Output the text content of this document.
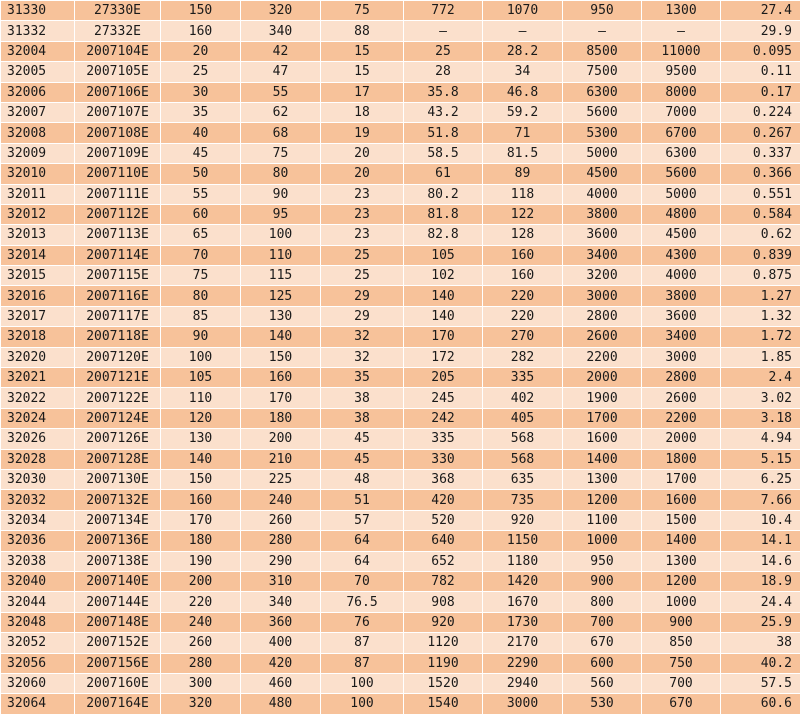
31330	27330E	150	320	75	772	1070	950	1300	27.4
31332	27332E	160	340	88	—	—	—	—	29.9
32004	2007104E	20	42	15	25	28.2	8500	11000	0.095
32005	2007105E	25	47	15	28	34	7500	9500	0.11
32006	2007106E	30	55	17	35.8	46.8	6300	8000	0.17
32007	2007107E	35	62	18	43.2	59.2	5600	7000	0.224
32008	2007108E	40	68	19	51.8	71	5300	6700	0.267
32009	2007109E	45	75	20	58.5	81.5	5000	6300	0.337
32010	2007110E	50	80	20	61	89	4500	5600	0.366
32011	2007111E	55	90	23	80.2	118	4000	5000	0.551
32012	2007112E	60	95	23	81.8	122	3800	4800	0.584
32013	2007113E	65	100	23	82.8	128	3600	4500	0.62
32014	2007114E	70	110	25	105	160	3400	4300	0.839
32015	2007115E	75	115	25	102	160	3200	4000	0.875
32016	2007116E	80	125	29	140	220	3000	3800	1.27
32017	2007117E	85	130	29	140	220	2800	3600	1.32
32018	2007118E	90	140	32	170	270	2600	3400	1.72
32020	2007120E	100	150	32	172	282	2200	3000	1.85
32021	2007121E	105	160	35	205	335	2000	2800	2.4
32022	2007122E	110	170	38	245	402	1900	2600	3.02
32024	2007124E	120	180	38	242	405	1700	2200	3.18
32026	2007126E	130	200	45	335	568	1600	2000	4.94
32028	2007128E	140	210	45	330	568	1400	1800	5.15
32030	2007130E	150	225	48	368	635	1300	1700	6.25
32032	2007132E	160	240	51	420	735	1200	1600	7.66
32034	2007134E	170	260	57	520	920	1100	1500	10.4
32036	2007136E	180	280	64	640	1150	1000	1400	14.1
32038	2007138E	190	290	64	652	1180	950	1300	14.6
32040	2007140E	200	310	70	782	1420	900	1200	18.9
32044	2007144E	220	340	76.5	908	1670	800	1000	24.4
32048	2007148E	240	360	76	920	1730	700	900	25.9
32052	2007152E	260	400	87	1120	2170	670	850	38
32056	2007156E	280	420	87	1190	2290	600	750	40.2
32060	2007160E	300	460	100	1520	2940	560	700	57.5
32064	2007164E	320	480	100	1540	3000	530	670	60.6
